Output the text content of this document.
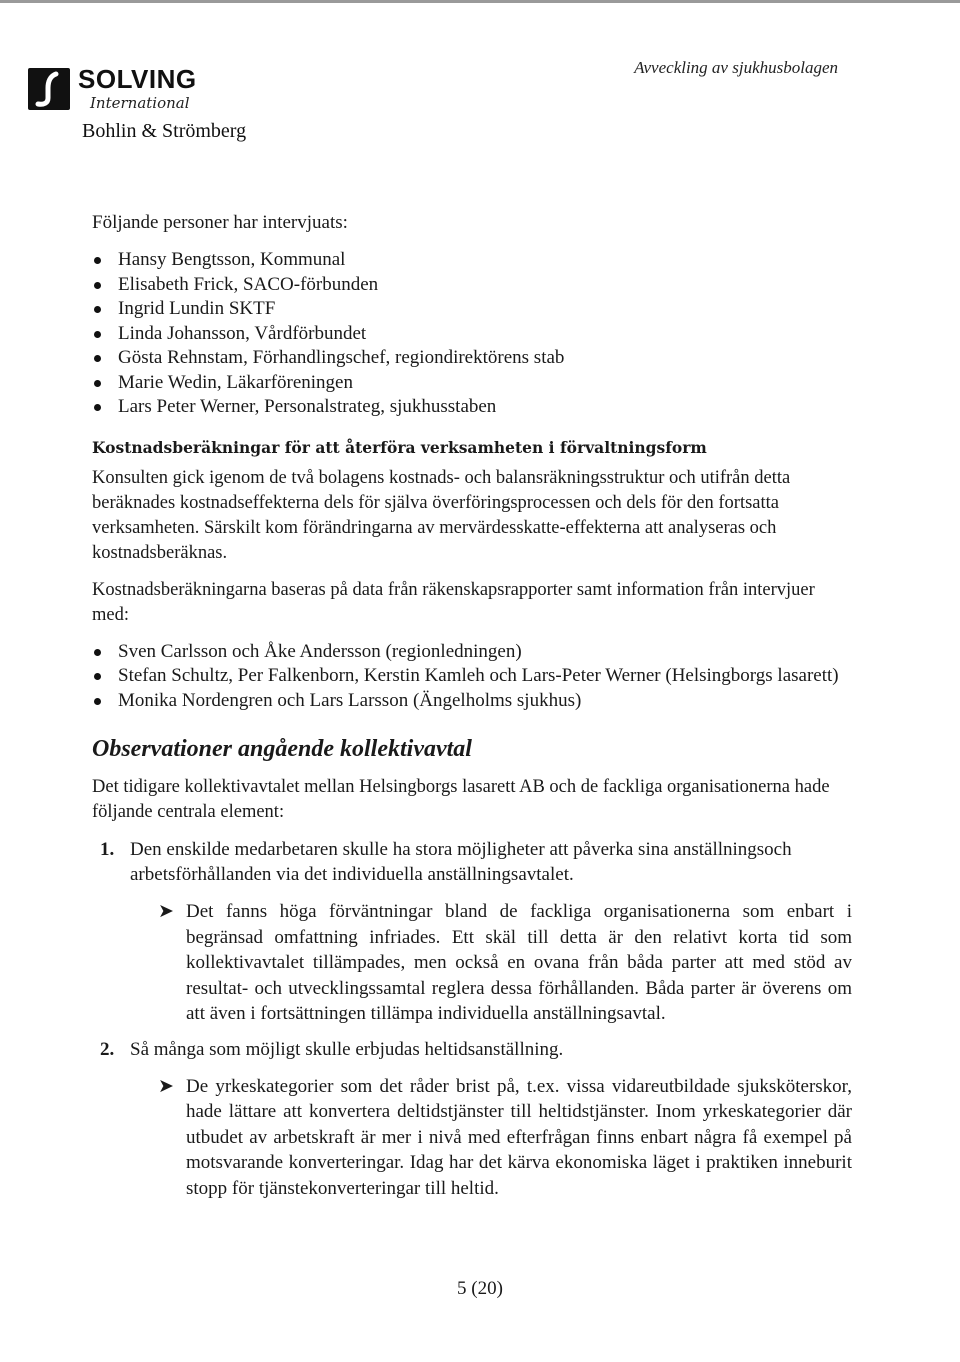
SOLVING
International
Bohlin & Strömberg
Avveckling av sjukhusbolagen

Följande personer har intervjuats:

Hansy Bengtsson, Kommunal
Elisabeth Frick, SACO-förbunden
Ingrid Lundin SKTF
Linda Johansson, Vårdförbundet
Gösta Rehnstam, Förhandlingschef, regiondirektörens stab
Marie Wedin, Läkarföreningen
Lars Peter Werner, Personalstrateg, sjukhusstaben

Kostnadsberäkningar för att återföra verksamheten i förvaltningsform

Konsulten gick igenom de två bolagens kostnads- och balansräkningsstruktur och utifrån detta beräknades kostnadseffekterna dels för själva överföringsprocessen och dels för den fortsatta verksamheten. Särskilt kom förändringarna av mervärdesskatte-effekterna att analyseras och kostnadsberäknas.

Kostnadsberäkningarna baseras på data från räkenskapsrapporter samt information från intervjuer med:

Sven Carlsson och Åke Andersson (regionledningen)
Stefan Schultz, Per Falkenborn, Kerstin Kamleh och Lars-Peter Werner (Helsingborgs lasarett)
Monika Nordengren och Lars Larsson (Ängelholms sjukhus)

Observationer angående kollektivavtal

Det tidigare kollektivavtalet mellan Helsingborgs lasarett AB och de fackliga organisationerna hade följande centrala element:

1. Den enskilde medarbetaren skulle ha stora möjligheter att påverka sina anställningsoch arbetsförhållanden via det individuella anställningsavtalet.
➤ Det fanns höga förväntningar bland de fackliga organisationerna som enbart i begränsad omfattning infriades. Ett skäl till detta är den relativt korta tid som kollektivavtalet tillämpades, men också en ovana från båda parter att med stöd av resultat- och utvecklingssamtal reglera dessa förhållanden. Båda parter är överens om att även i fortsättningen tillämpa individuella anställningsavtal.
2. Så många som möjligt skulle erbjudas heltidsanställning.
➤ De yrkeskategorier som det råder brist på, t.ex. vissa vidareutbildade sjuksköterskor, hade lättare att konvertera deltidstjänster till heltidstjänster. Inom yrkeskategorier där utbudet av arbetskraft är mer i nivå med efterfrågan finns enbart några få exempel på motsvarande konverteringar. Idag har det kärva ekonomiska läget i praktiken inneburit stopp för tjänstekonverteringar till heltid.
5 (20)
